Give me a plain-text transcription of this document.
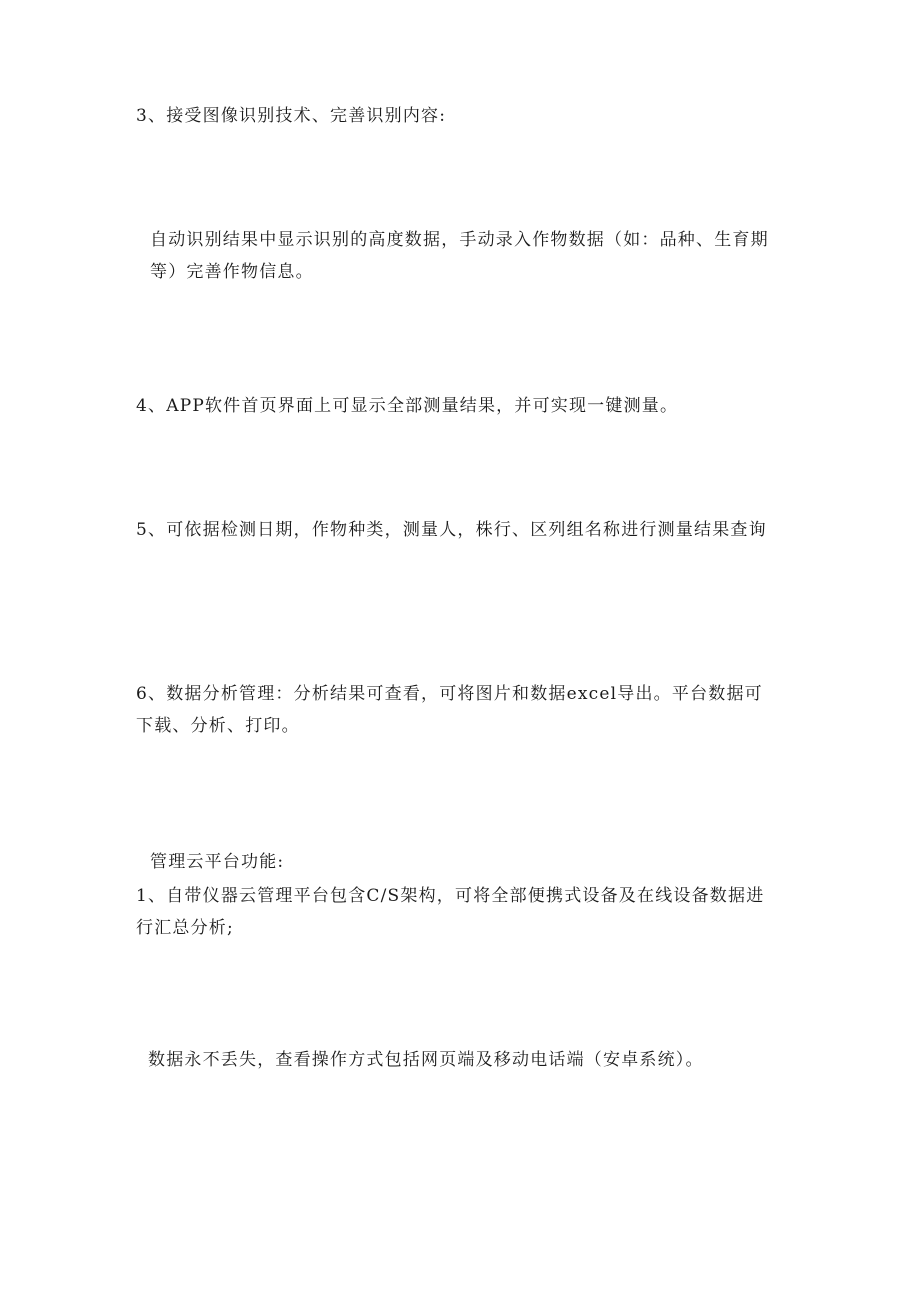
3、接受图像识别技术、完善识别内容:

自动识别结果中显示识别的高度数据，手动录入作物数据（如：品种、生育期等）完善作物信息。

4、APP软件首页界面上可显示全部测量结果，并可实现一键测量。

5、可依据检测日期，作物种类，测量人，株行、区列组名称进行测量结果查询

6、数据分析管理：分析结果可查看，可将图片和数据excel导出。平台数据可下载、分析、打印。

管理云平台功能:

1、自带仪器云管理平台包含C/S架构，可将全部便携式设备及在线设备数据进行汇总分析;

数据永不丢失，查看操作方式包括网页端及移动电话端（安卓系统）。
